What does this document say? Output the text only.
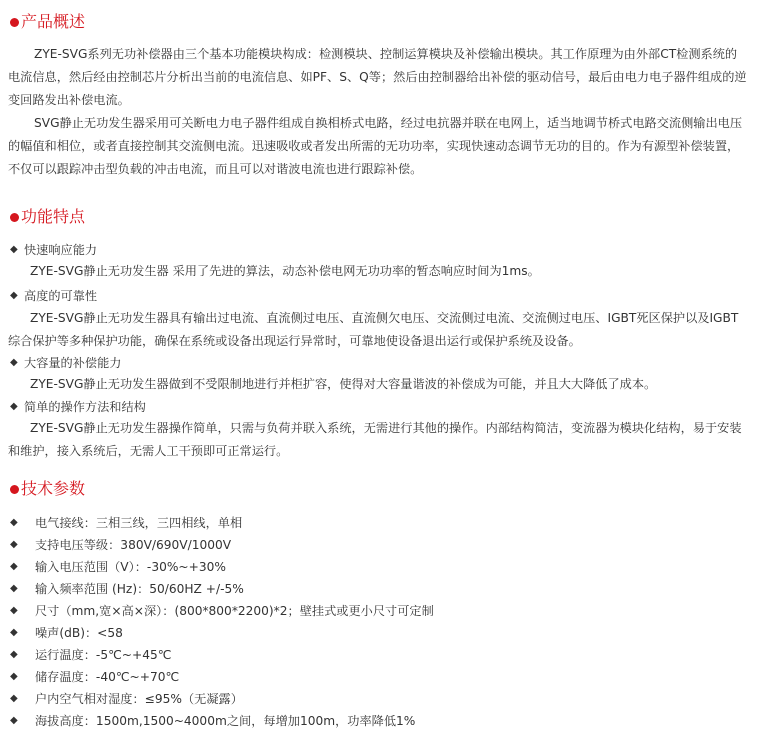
产品概述

ZYE-SVG系列无功补偿器由三个基本功能模块构成：检测模块、控制运算模块及补偿输出模块。其工作原理为由外部CT检测系统的电流信息，然后经由控制芯片分析出当前的电流信息、如PF、S、Q等；然后由控制器给出补偿的驱动信号，最后由电力电子器件组成的逆变回路发出补偿电流。

SVG静止无功发生器采用可关断电力电子器件组成自换相桥式电路，经过电抗器并联在电网上，适当地调节桥式电路交流侧输出电压的幅值和相位，或者直接控制其交流侧电流。迅速吸收或者发出所需的无功功率，实现快速动态调节无功的目的。作为有源型补偿装置，不仅可以跟踪冲击型负载的冲击电流，而且可以对谐波电流也进行跟踪补偿。

功能特点
◆ 快速响应能力

ZYE-SVG静止无功发生器 采用了先进的算法，动态补偿电网无功功率的暂态响应时间为1ms。

◆ 高度的可靠性

ZYE-SVG静止无功发生器具有输出过电流、直流侧过电压、直流侧欠电压、交流侧过电流、交流侧过电压、IGBT死区保护以及IGBT综合保护等多种保护功能，确保在系统或设备出现运行异常时，可靠地使设备退出运行或保护系统及设备。

◆ 大容量的补偿能力

ZYE-SVG静止无功发生器做到不受限制地进行并柜扩容，使得对大容量谐波的补偿成为可能，并且大大降低了成本。

◆ 简单的操作方法和结构

ZYE-SVG静止无功发生器操作简单，只需与负荷并联入系统，无需进行其他的操作。内部结构简洁，变流器为模块化结构，易于安装和维护，接入系统后，无需人工干预即可正常运行。

技术参数
◆	电气接线：三相三线，三四相线，单相
◆	支持电压等级：380V/690V/1000V
◆	输入电压范围（V）：-30%~+30%
◆	输入频率范围 (Hz)：50/60HZ +/-5%
◆	尺寸（mm,宽×高×深）：(800*800*2200)*2；壁挂式或更小尺寸可定制
◆	噪声(dB)：<58
◆	运行温度：-5℃~+45℃
◆	储存温度：-40℃~+70℃
◆	户内空气相对湿度：≤95%（无凝露）
◆	海拔高度：1500m,1500~4000m之间，每增加100m，功率降低1%
